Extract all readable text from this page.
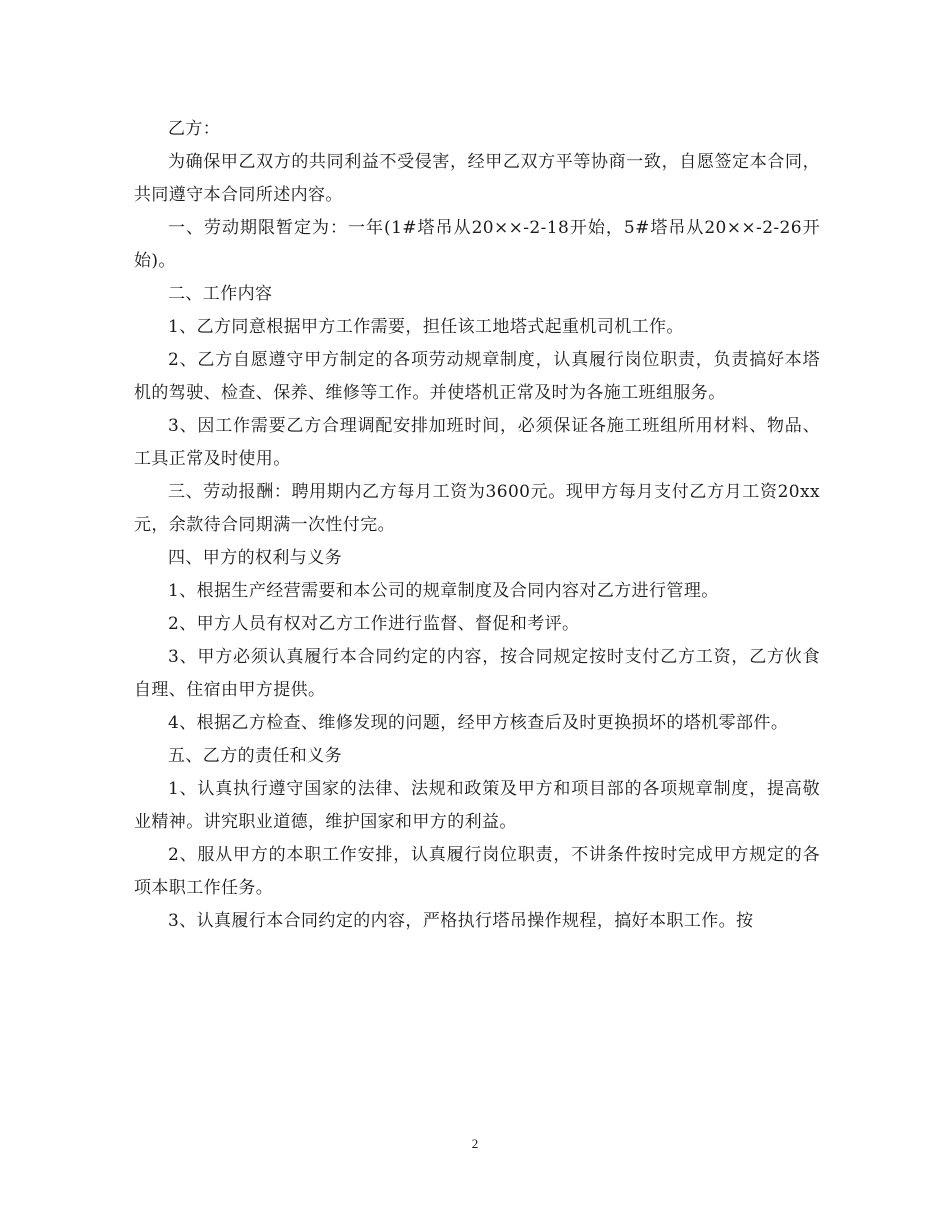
乙方：

为确保甲乙双方的共同利益不受侵害，经甲乙双方平等协商一致，自愿签定本合同，共同遵守本合同所述内容。

一、劳动期限暂定为：一年(1#塔吊从20××-2-18开始，5#塔吊从20××-2-26开始)。

二、工作内容

1、乙方同意根据甲方工作需要，担任该工地塔式起重机司机工作。

2、乙方自愿遵守甲方制定的各项劳动规章制度，认真履行岗位职责，负责搞好本塔机的驾驶、检查、保养、维修等工作。并使塔机正常及时为各施工班组服务。

3、因工作需要乙方合理调配安排加班时间，必须保证各施工班组所用材料、物品、工具正常及时使用。

三、劳动报酬：聘用期内乙方每月工资为3600元。现甲方每月支付乙方月工资20xx元，余款待合同期满一次性付完。

四、甲方的权利与义务

1、根据生产经营需要和本公司的规章制度及合同内容对乙方进行管理。

2、甲方人员有权对乙方工作进行监督、督促和考评。

3、甲方必须认真履行本合同约定的内容，按合同规定按时支付乙方工资，乙方伙食自理、住宿由甲方提供。

4、根据乙方检查、维修发现的问题，经甲方核查后及时更换损坏的塔机零部件。

五、乙方的责任和义务

1、认真执行遵守国家的法律、法规和政策及甲方和项目部的各项规章制度，提高敬业精神。讲究职业道德，维护国家和甲方的利益。

2、服从甲方的本职工作安排，认真履行岗位职责，不讲条件按时完成甲方规定的各项本职工作任务。

3、认真履行本合同约定的内容，严格执行塔吊操作规程，搞好本职工作。按

2
